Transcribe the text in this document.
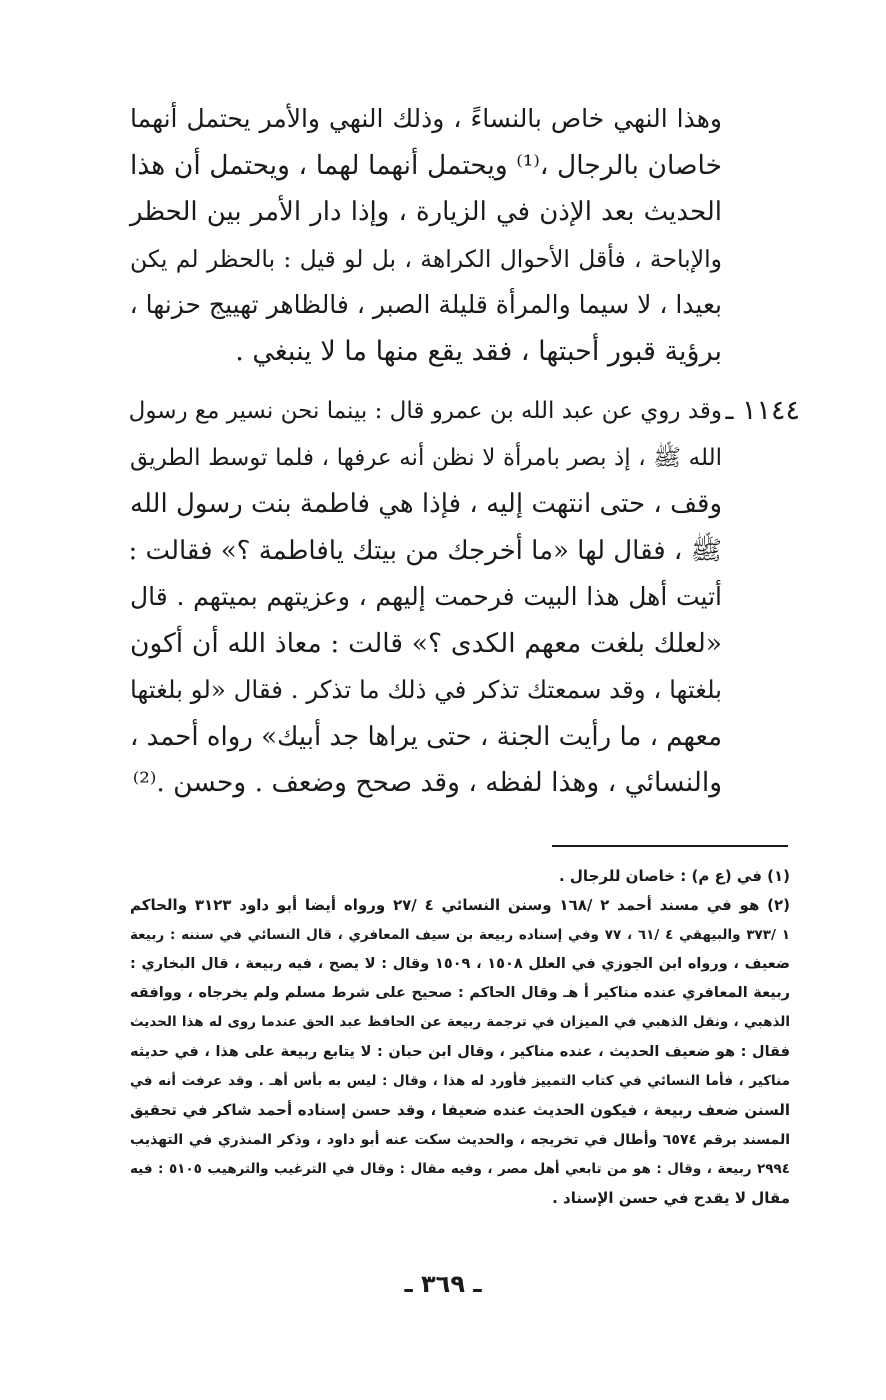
وهذا النهي خاص بالنساءً ، وذلك النهي والأمر يحتمل أنهما
خاصان بالرجال ،⁽¹⁾ ويحتمل أنهما لهما ، ويحتمل أن هذا
الحديث بعد الإذن في الزيارة ، وإذا دار الأمر بين الحظر
والإباحة ، فأقل الأحوال الكراهة ، بل لو قيل : بالحظر لم يكن
بعيدا ، لا سيما والمرأة قليلة الصبر ، فالظاهر تهييج حزنها ،
برؤية قبور أحبتها ، فقد يقع منها ما لا ينبغي .
١١٤٤ ـ
وقد روي عن عبد الله بن عمرو قال : بينما نحن نسير مع رسول
الله ﷺ ، إذ بصر بامرأة لا نظن أنه عرفها ، فلما توسط الطريق
وقف ، حتى انتهت إليه ، فإذا هي فاطمة بنت رسول الله
ﷺ ، فقال لها «ما أخرجك من بيتك يافاطمة ؟» فقالت :
أتيت أهل هذا البيت فرحمت إليهم ، وعزيتهم بميتهم . قال
«لعلك بلغت معهم الكدى ؟» قالت : معاذ الله أن أكون
بلغتها ، وقد سمعتك تذكر في ذلك ما تذكر . فقال «لو بلغتها
معهم ، ما رأيت الجنة ، حتى يراها جد أبيك» رواه أحمد ،
والنسائي ، وهذا لفظه ، وقد صحح وضعف . وحسن .⁽²⁾
(١) في (ع م) : خاصان للرجال .
(٢) هو في مسند أحمد ٢ /١٦٨ وسنن النسائي ٤ /٢٧ ورواه أيضا أبو داود ٣١٢٣ والحاكم
١ /٣٧٣ والبيهقي ٤ /٦١ ، ٧٧ وفي إسناده ربيعة بن سيف المعافري ، قال النسائي في سننه : ربيعة
ضعيف ، ورواه ابن الجوزي في العلل ١٥٠٨ ، ١٥٠٩ وقال : لا يصح ، فيه ربيعة ، قال البخاري :
ربيعة المعافري عنده مناكير أ هـ وقال الحاكم : صحيح على شرط مسلم ولم يخرجاه ، ووافقه
الذهبي ، ونقل الذهبي في الميزان في ترجمة ربيعة عن الحافظ عبد الحق عندما روى له هذا الحديث
فقال : هو ضعيف الحديث ، عنده مناكير ، وقال ابن حبان : لا يتابع ربيعة على هذا ، في حديثه
مناكير ، فأما النسائي في كتاب التمييز فأورد له هذا ، وقال : ليس به بأس أهـ . وقد عرفت أنه في
السنن ضعف ربيعة ، فيكون الحديث عنده ضعيفا ، وقد حسن إسناده أحمد شاكر في تحقيق
المسند برقم ٦٥٧٤ وأطال في تخريجه ، والحديث سكت عنه أبو داود ، وذكر المنذري في التهذيب
٢٩٩٤ ربيعة ، وقال : هو من تابعي أهل مصر ، وفيه مقال : وقال في الترغيب والترهيب ٥١٠٥ : فيه
مقال لا يقدح في حسن الإسناد .
ـ ٣٦٩ ـ
